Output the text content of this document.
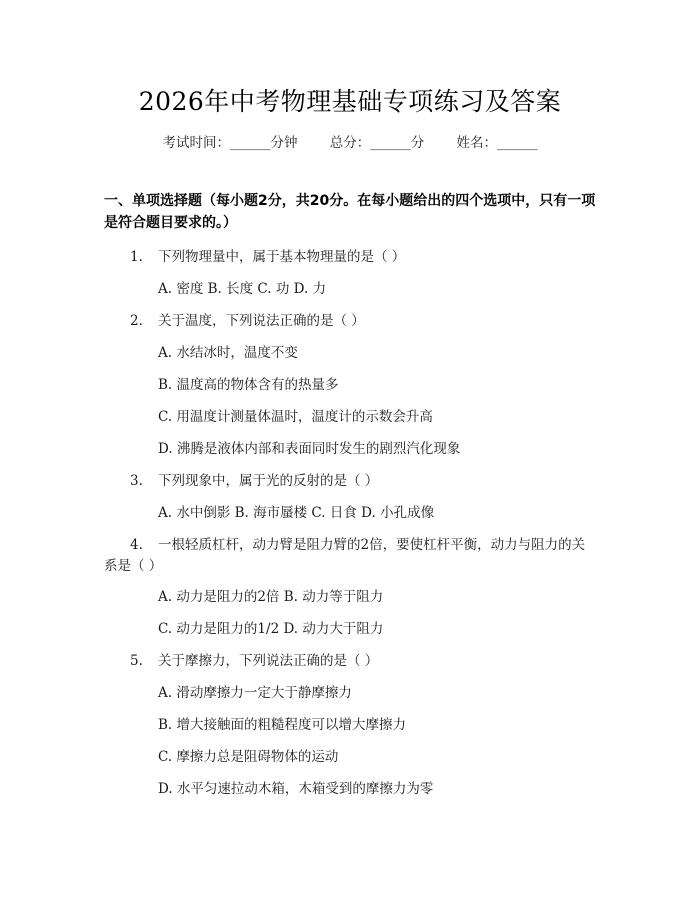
2026年中考物理基础专项练习及答案
考试时间：______分钟 总分：______分 姓名：______
一、单项选择题（每小题2分，共20分。在每小题给出的四个选项中，只有一项是符合题目要求的。）
1. 下列物理量中，属于基本物理量的是（ ）
A. 密度 B. 长度 C. 功 D. 力
2. 关于温度，下列说法正确的是（ ）
A. 水结冰时，温度不变
B. 温度高的物体含有的热量多
C. 用温度计测量体温时，温度计的示数会升高
D. 沸腾是液体内部和表面同时发生的剧烈汽化现象
3. 下列现象中，属于光的反射的是（ ）
A. 水中倒影 B. 海市蜃楼 C. 日食 D. 小孔成像
4. 一根轻质杠杆，动力臂是阻力臂的2倍，要使杠杆平衡，动力与阻力的关
系是（ ）
A. 动力是阻力的2倍 B. 动力等于阻力
C. 动力是阻力的1/2 D. 动力大于阻力
5. 关于摩擦力，下列说法正确的是（ ）
A. 滑动摩擦力一定大于静摩擦力
B. 增大接触面的粗糙程度可以增大摩擦力
C. 摩擦力总是阻碍物体的运动
D. 水平匀速拉动木箱，木箱受到的摩擦力为零
